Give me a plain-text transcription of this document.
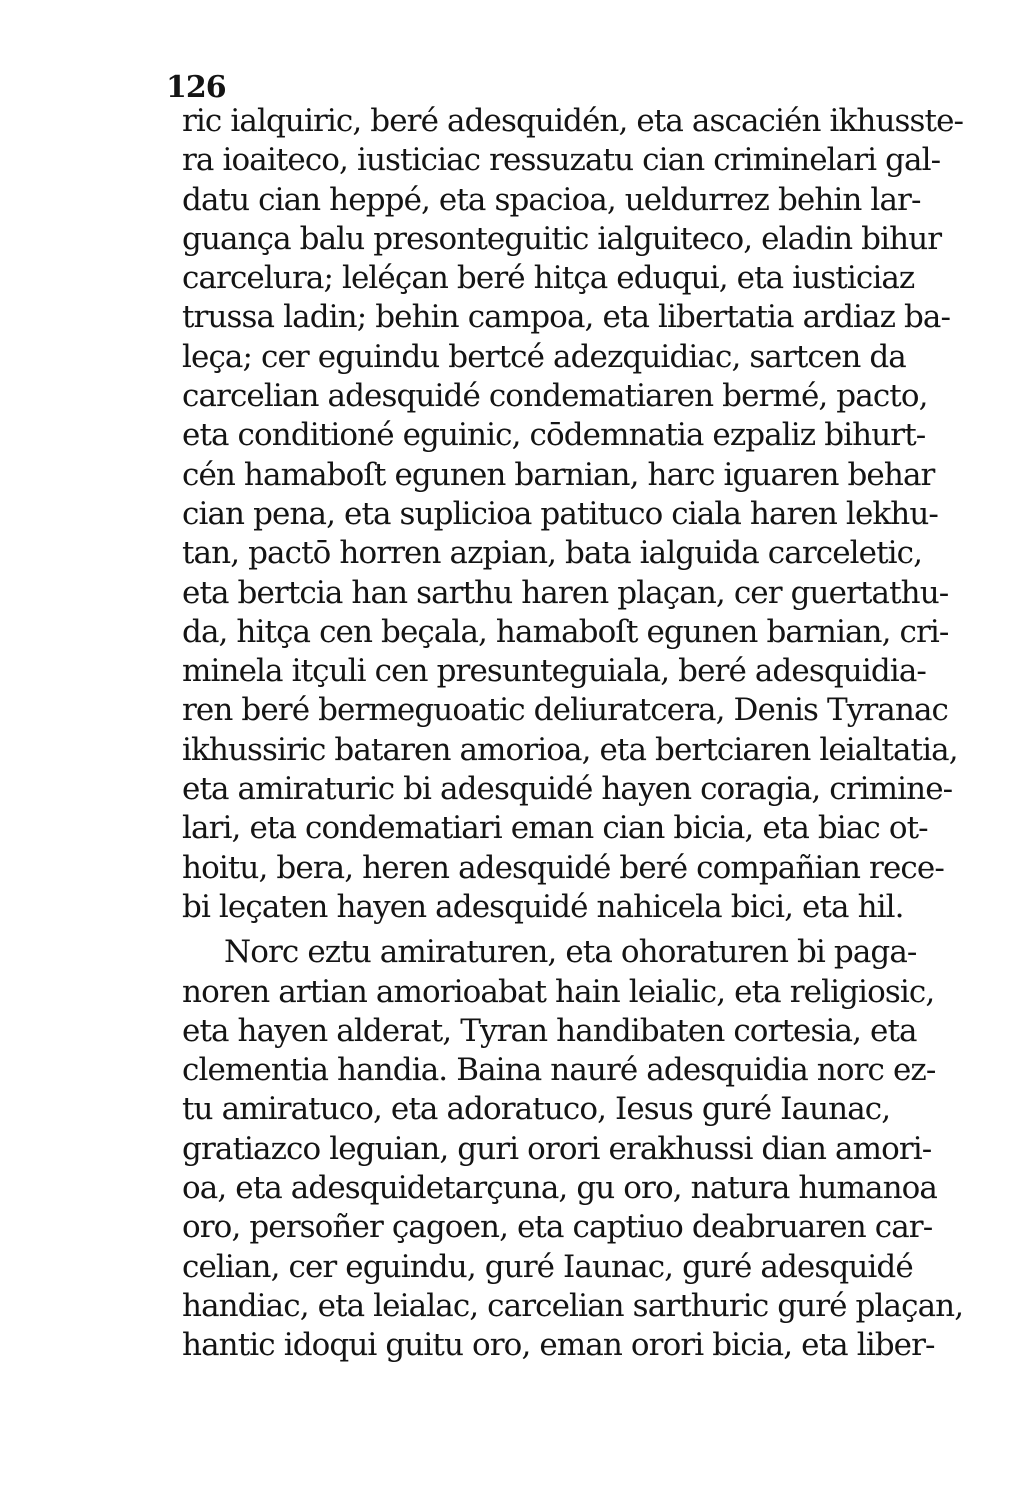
126
ric ialquiric, beré adesquidén, eta ascacién ikhusste-
ra ioaiteco, iusticiac ressuzatu cian criminelari gal-
datu cian heppé, eta spacioa, ueldurrez behin lar-
guança balu presonteguitic ialguiteco, eladin bihur
carcelura; leléçan beré hitça eduqui, eta iusticiaz
trussa ladin; behin campoa, eta libertatia ardiaz ba-
leça; cer eguindu bertcé adezquidiac, sartcen da
carcelian adesquidé condematiaren bermé, pacto,
eta conditioné eguinic, cōdemnatia ezpaliz bihurt-
cén hamaboſt egunen barnian, harc iguaren behar
cian pena, eta suplicioa patituco ciala haren lekhu-
tan, pactō horren azpian, bata ialguida carceletic,
eta bertcia han sarthu haren plaçan, cer guertathu-
da, hitça cen beçala, hamaboſt egunen barnian, cri-
minela itçuli cen presunteguiala, beré adesquidia-
ren beré bermeguoatic deliuratcera, Denis Tyranac
ikhussiric bataren amorioa, eta bertciaren leialtatia,
eta amiraturic bi adesquidé hayen coragia, crimine-
lari, eta condematiari eman cian bicia, eta biac ot-
hoitu, bera, heren adesquidé beré compañian rece-
bi leçaten hayen adesquidé nahicela bici, eta hil.
Norc eztu amiraturen, eta ohoraturen bi paga-
noren artian amorioabat hain leialic, eta religiosic,
eta hayen alderat, Tyran handibaten cortesia, eta
clementia handia. Baina nauré adesquidia norc ez-
tu amiratuco, eta adoratuco, Iesus guré Iaunac,
gratiazco leguian, guri orori erakhussi dian amori-
oa, eta adesquidetarçuna, gu oro, natura humanoa
oro, persoñer çagoen, eta captiuo deabruaren car-
celian, cer eguindu, guré Iaunac, guré adesquidé
handiac, eta leialac, carcelian sarthuric guré plaçan,
hantic idoqui guitu oro, eman orori bicia, eta liber-
